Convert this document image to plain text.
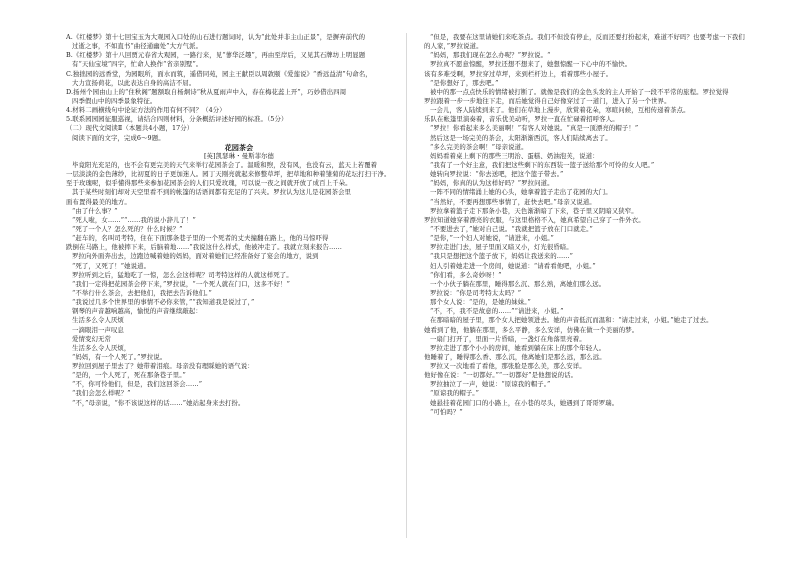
A.《红楼梦》第十七回宝玉为大观园入口处的山石进行题词时，认为“此处并非主山正景”，是摒弃前代的
过逝之事，不如直书“曲径通幽处”大方气派。
B.《红楼梦》第十八回贾元春省大观园，一路行来，见“蓼华泛趣”，再由至岸后，又见其石牌坊上明显题
有“天仙宝境”四字，忙命人换作“省亲别墅”。
C.独拙园的远香堂，为园眼所，面水而筑，遥借同苑，园主王献臣以周敦颐《爱莲说》“香远益清”句命名，
大力宣扬荷花，以此表达自身的高洁不屈。
D.扬州个园由山上的“住秋阁”题额取自杨炯诗“秋从夏雨声中入，春在梅花蕊上开”，巧妙借出四周
四季假山中的四季景象特征。
4.材料二画横线句中论证方法的作用有何不同？（4分）
5.联系园园园征服巡视，请结合四则材料，分条概括评述好园的标准。（5分）
（二）现代文阅读Ⅱ（本题共4小题，17分）
阅读下面的文字，完成6～9题。
花园茶会
[英]凯瑟琳・曼斯菲尔德
毕竟阳光充足的，也不会有更完美的天气来举行花园茶会了。温暖和煦，没有风，也没有云，蓝天上若覆着
一层淡淡的金色薄纱，比初夏的日子更加迷人。园丁天刚亮就起来修整草坪，把草地和种着雏菊的花坛打扫干净。
至于玫瑰呢，似乎懂得那些来参加花园茶会的人们只爱玫瑰，可以说一夜之间就开放了成百上千朵。
其于某些时刻们却对天空里看不到的帐篷的话语间都有充足的了兴夹。罗拉认为这儿是花园茶会里
面布置得最美的地方。
“由了什么事？”
“死人啦，女……”“……我的说小辞儿了！”
“死了一个人？怎么死的？什么时候？”
“赶车的，名叫司考特，住在下面那条巷子里的一个死者的丈夫撞翻在路上，他的马惊吓得
跌倒在马路上，他被摔下来，后脑着地……”我说这什么样式，他被冲走了。我就立刻来报告……
罗拉向外面奔出去，边跑边喊着她的妈妈，面对着她们已经准备好了宴会的地方，说到
“死了，又死了！”她说道。
罗拉听到之后，猛地吃了一惊，怎么会这样呢？司考特这样的人就这样死了。
“我们一定得把花园茶会停下来，”罗拉说，“一个死人就在门口，这多不好！”
“不举行什么茶会，去把他们，我把去告诉他们。”
“我说过几多个世界里的事情不必你来管，”“我知道我是说过了，”
钢琴的声音越响越高，愉悦的声音继续敲起：
生活多么令人厌烦
一滴眼泪一声叹息
爱情变幻无常
生活多么令人厌烦，
“妈妈，有一个人死了。”罗拉说。
罗拉回到屋子里去了？她带着泪痕。母亲没有理睬她的语气说：
“是的，一个人死了，死在那条巷子里。”
“不，你可怜他们，但是，我们这回茶会……”
“我们会怎么样呢？”
“不，”母亲说，“你不该说这样的话……”她站起身来去打扮。
“但是，我要在这里请她们来吃茶点。我们不但没有停止，反而还要打扮起来，难道不好吗？也要考虑一下我们
的人家，”罗拉说道。
“妈妈，那我们现在怎么办呢？”罗拉说。“
罗拉真不愿意惊醒，罗拉还想不想来了，她想惊醒一下心中的不愉快。
该有多难受啊，罗拉穿过草坪，来到栏杆边上，看着那些小屋子。
“是你想好了，那去吧。”
被中的那一点点快乐的情绪被打断了。就像是我们的金色头发的主人开始了一段不平常的旅程。罗拉觉得
罗拉跟着一步一步地往下走，而后她觉得自己好像穿过了一道门，进入了另一个世界。
一会儿，客人陆续到来了。他们在草地上漫步，欣赏着花朵，寒暄问候，互相传递着茶点。
乐队在帐篷里演奏着，音乐优美动听，罗拉一直在忙碌着招呼客人。
“罗拉！你看起来多么美丽啊！”有客人对她说。“真是一顶漂亮的帽子！”
然后这是一场完美的茶会，太阳渐渐西沉，客人们陆续离去了。
“多么完美的茶会啊！”母亲说道。
妈妈看着桌上剩下的那些三明治、蛋糕、奶油泡芙，说道：
“我有了一个好主意，我们把这些剩下的东西装一篮子送给那个可怜的女人吧。”
她转向罗拉说：“你去送吧，把这个篮子带去。”
“妈妈，你真的认为这样好吗？”罗拉问道。
一阵不同的情绪涌上她的心头，她拿着篮子走出了花园的大门。
“当然好，不要再想那些事情了，赶快去吧。”母亲又说道。
罗拉拿着篮子走下那条小巷，天色渐渐暗了下来，巷子里又阴暗又狭窄。
罗拉知道她穿着漂亮的衣服，与这里格格不入，她真希望自己穿了一件外衣。
“不要进去了，”她对自己说。“我就把篮子放在门口就走。”
“是你，”一个妇人对她说，“请进来，小姐。”
罗拉走进门去，屋子里面又暗又小，灯光很昏暗。
“我只是想把这个篮子放下，妈妈让我送来的……”
妇人引着她走进一个房间，她说道：“请看看他吧，小姐。”
“你们看，多么奇妙呀！”
一个小伙子躺在那里，睡得那么沉、那么熟，离她们那么远。
罗拉说：“你是司考特太太吗？”
那个女人说：“是的，是她的妹妹。”
“不，不，我不是故意的……”“请进来，小姐。”
在那暗暗的屋子里，那个女人把她领进去。她的声音低沉而温和：“请走过来，小姐。”她走了过去。
她看到了他，他躺在那里，多么平静，多么安详，仿佛在做一个美丽的梦。
一扇门打开了，里面一片昏暗，一盏灯在角落里亮着。
罗拉走进了那个小小的房间，她看到躺在床上的那个年轻人。
他睡着了，睡得那么香、那么沉，他离她们是那么远，那么远。
罗拉又一次地看了看他，那张脸是那么美，那么安详。
他好像在说：“一切都好。”“一切都好”是他想说的话。
罗拉抽泣了一声，她说：“原谅我的帽子。”
“原谅我的帽子。”
她悬挂着花园门口的小路上，在小巷的尽头，她遇到了哥哥罗瑞。
“可怕吗？”
